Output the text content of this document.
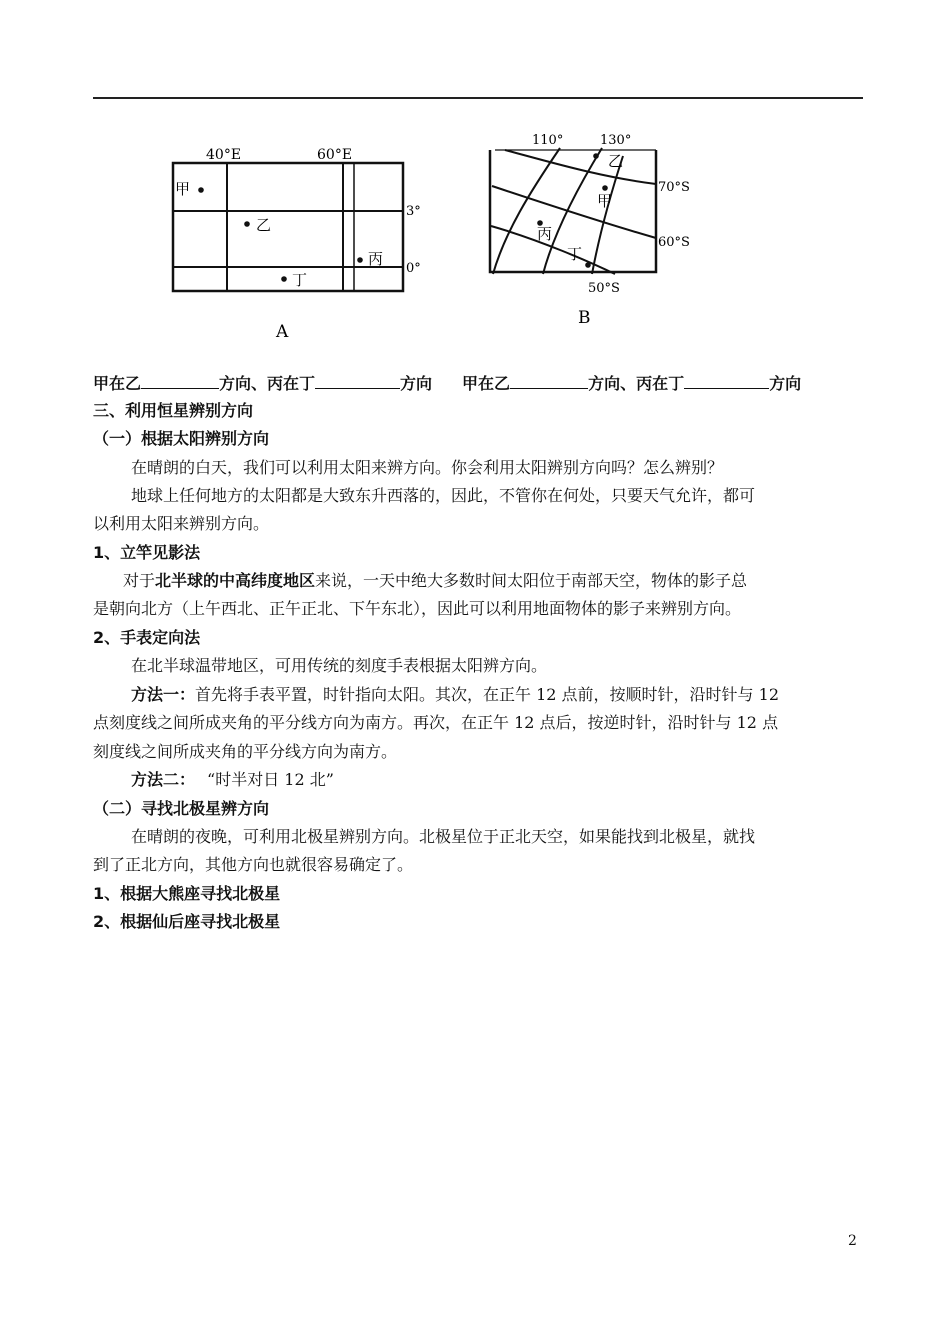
40°E	60°E
3°
0°
甲
乙
丙
丁
A
110°	130°
70°S
60°S
50°S
乙
甲
丙
丁
B
甲在乙	方向、丙在丁	方向 甲在乙	方向、丙在丁	方向
三、利用恒星辨别方向
（一）根据太阳辨别方向
在晴朗的白天，我们可以利用太阳来辨方向。你会利用太阳辨别方向吗？怎么辨别？
地球上任何地方的太阳都是大致东升西落的，因此，不管你在何处，只要天气允许，都可
以利用太阳来辨别方向。
1、立竿见影法
对于北半球的中高纬度地区来说，一天中绝大多数时间太阳位于南部天空，物体的影子总
是朝向北方（上午西北、正午正北、下午东北），因此可以利用地面物体的影子来辨别方向。
2、手表定向法
在北半球温带地区，可用传统的刻度手表根据太阳辨方向。
方法一：首先将手表平置，时针指向太阳。其次，在正午 12 点前，按顺时针，沿时针与 12
点刻度线之间所成夹角的平分线方向为南方。再次，在正午 12 点后，按逆时针，沿时针与 12 点
刻度线之间所成夹角的平分线方向为南方。
方法二： “时半对日 12 北”
（二）寻找北极星辨方向
在晴朗的夜晚，可利用北极星辨别方向。北极星位于正北天空，如果能找到北极星，就找
到了正北方向，其他方向也就很容易确定了。
1、根据大熊座寻找北极星
2、根据仙后座寻找北极星
2
